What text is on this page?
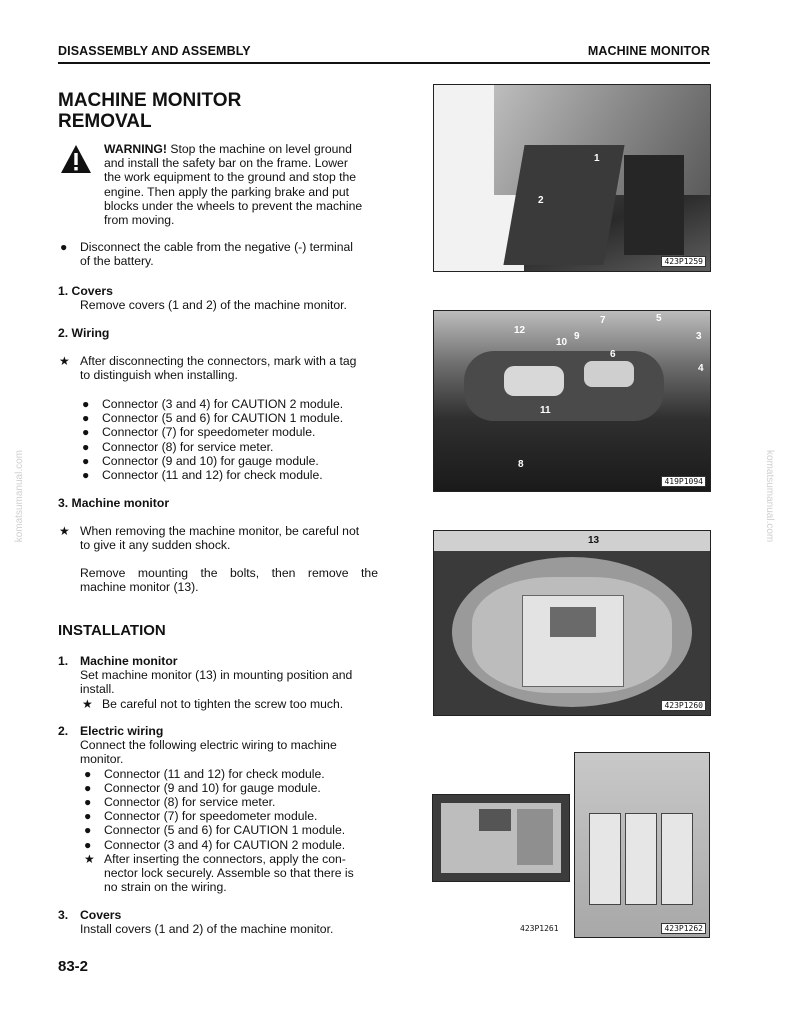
DISASSEMBLY AND ASSEMBLY	MACHINE MONITOR
komatsumanual.com	komatsumanual.com
MACHINE MONITOR
REMOVAL
WARNING! Stop the machine on level ground
and install the safety bar on the frame. Lower
the work equipment to the ground and stop the
engine. Then apply the parking brake and put
blocks under the wheels to prevent the machine
from moving.
● Disconnect the cable from the negative (-) terminal
of the battery.
1. Covers
Remove covers (1 and 2) of the machine monitor.
2. Wiring
★ After disconnecting the connectors, mark with a tag
to distinguish when installing.
● Connector (3 and 4) for CAUTION 2 module.
● Connector (5 and 6) for CAUTION 1 module.
● Connector (7) for speedometer module.
● Connector (8) for service meter.
● Connector (9 and 10) for gauge module.
● Connector (11 and 12) for check module.
3. Machine monitor
★ When removing the machine monitor, be careful not
to give it any sudden shock.
Remove mounting the bolts, then remove the
machine monitor (13).
INSTALLATION
1. Machine monitor
Set machine monitor (13) in mounting position and
install.
★ Be careful not to tighten the screw too much.
2. Electric wiring
Connect the following electric wiring to machine
monitor.
● Connector (11 and 12) for check module.
● Connector (9 and 10) for gauge module.
● Connector (8) for service meter.
● Connector (7) for speedometer module.
● Connector (5 and 6) for CAUTION 1 module.
● Connector (3 and 4) for CAUTION 2 module.
★ After inserting the connectors, apply the con-
nector lock securely. Assemble so that there is
no strain on the wiring.
3. Covers
Install covers (1 and 2) of the machine monitor.
83-2
1
2
423P1259
12
7	5
10
9	3
6
4
11
8
419P1094
13
423P1260
423P1261	423P1262
